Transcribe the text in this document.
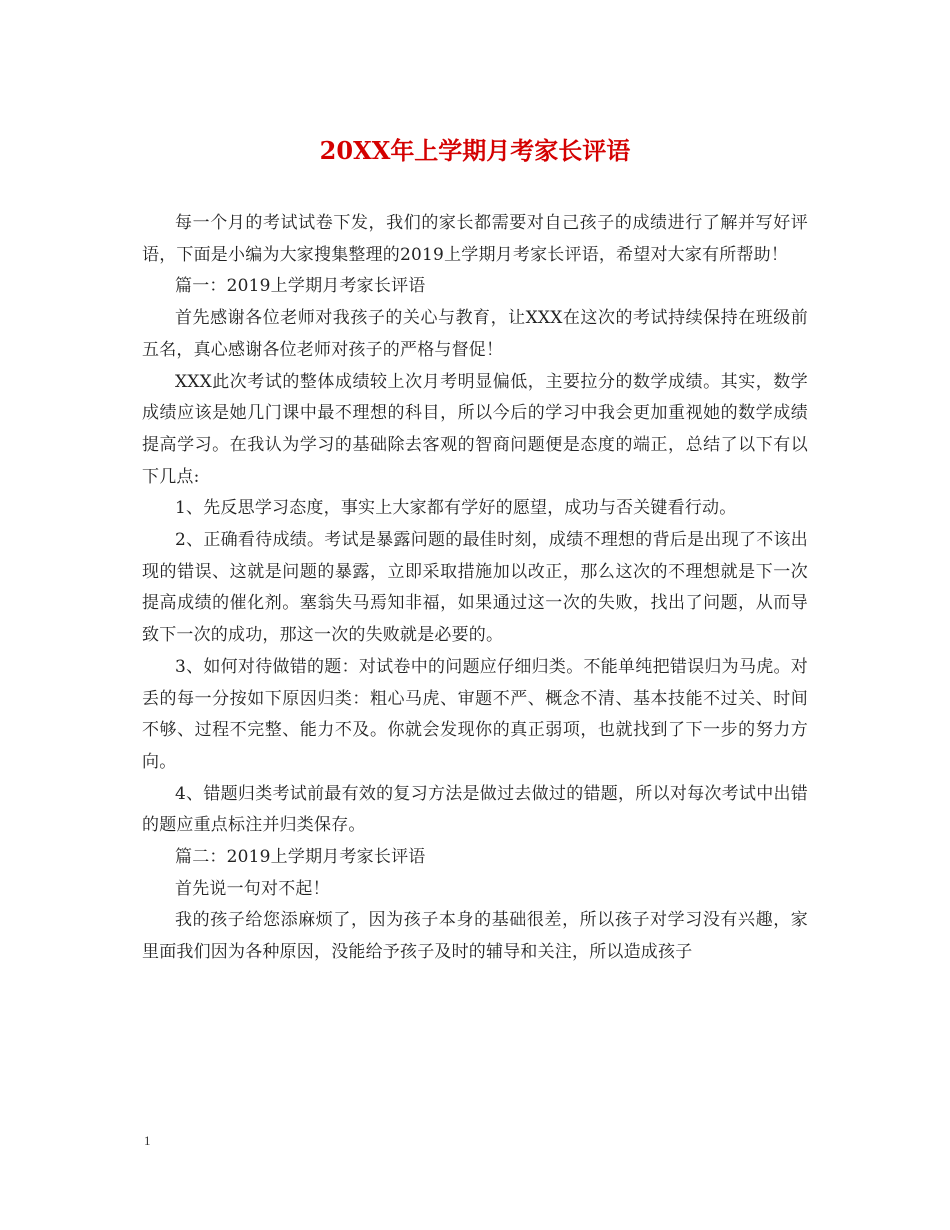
20XX年上学期月考家长评语

每一个月的考试试卷下发，我们的家长都需要对自己孩子的成绩进行了解并写好评语，下面是小编为大家搜集整理的2019上学期月考家长评语，希望对大家有所帮助！

篇一：2019上学期月考家长评语

首先感谢各位老师对我孩子的关心与教育，让XXX在这次的考试持续保持在班级前五名，真心感谢各位老师对孩子的严格与督促！

XXX此次考试的整体成绩较上次月考明显偏低，主要拉分的数学成绩。其实，数学成绩应该是她几门课中最不理想的科目，所以今后的学习中我会更加重视她的数学成绩提高学习。在我认为学习的基础除去客观的智商问题便是态度的端正，总结了以下有以下几点:

1、先反思学习态度，事实上大家都有学好的愿望，成功与否关键看行动。

2、正确看待成绩。考试是暴露问题的最佳时刻，成绩不理想的背后是出现了不该出现的错误、这就是问题的暴露，立即采取措施加以改正，那么这次的不理想就是下一次提高成绩的催化剂。塞翁失马焉知非福，如果通过这一次的失败，找出了问题，从而导致下一次的成功，那这一次的失败就是必要的。

3、如何对待做错的题：对试卷中的问题应仔细归类。不能单纯把错误归为马虎。对丢的每一分按如下原因归类：粗心马虎、审题不严、概念不清、基本技能不过关、时间不够、过程不完整、能力不及。你就会发现你的真正弱项，也就找到了下一步的努力方向。

4、错题归类考试前最有效的复习方法是做过去做过的错题，所以对每次考试中出错的题应重点标注并归类保存。

篇二：2019上学期月考家长评语

首先说一句对不起！

我的孩子给您添麻烦了，因为孩子本身的基础很差，所以孩子对学习没有兴趣，家里面我们因为各种原因，没能给予孩子及时的辅导和关注，所以造成孩子

1
